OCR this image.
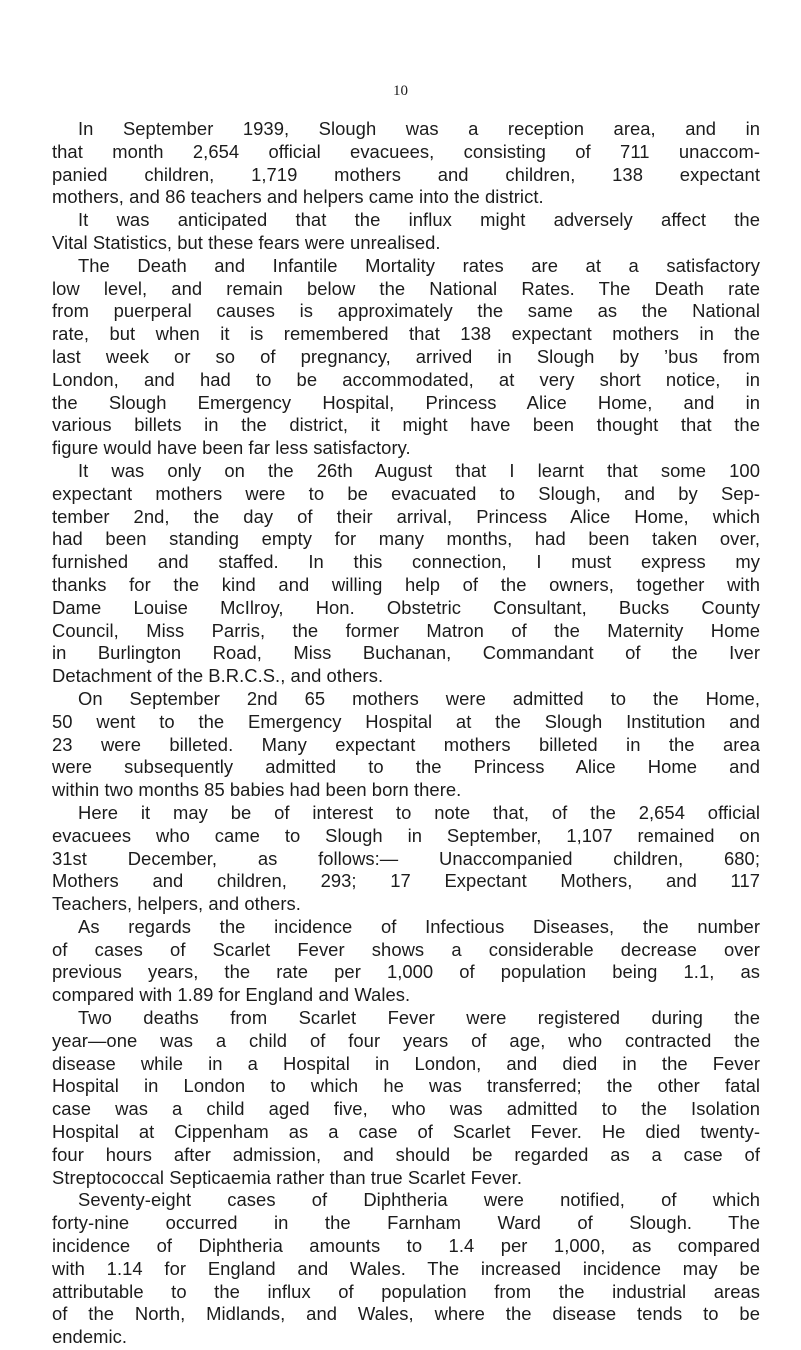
10
In September 1939, Slough was a reception area, and in
that month 2,654 official evacuees, consisting of 711 unaccom-
panied children, 1,719 mothers and children, 138 expectant
mothers, and 86 teachers and helpers came into the district.
It was anticipated that the influx might adversely affect the
Vital Statistics, but these fears were unrealised.
The Death and Infantile Mortality rates are at a satisfactory
low level, and remain below the National Rates. The Death rate
from puerperal causes is approximately the same as the National
rate, but when it is remembered that 138 expectant mothers in the
last week or so of pregnancy, arrived in Slough by ’bus from
London, and had to be accommodated, at very short notice, in
the Slough Emergency Hospital, Princess Alice Home, and in
various billets in the district, it might have been thought that the
figure would have been far less satisfactory.
It was only on the 26th August that I learnt that some 100
expectant mothers were to be evacuated to Slough, and by Sep-
tember 2nd, the day of their arrival, Princess Alice Home, which
had been standing empty for many months, had been taken over,
furnished and staffed. In this connection, I must express my
thanks for the kind and willing help of the owners, together with
Dame Louise McIlroy, Hon. Obstetric Consultant, Bucks County
Council, Miss Parris, the former Matron of the Maternity Home
in Burlington Road, Miss Buchanan, Commandant of the Iver
Detachment of the B.R.C.S., and others.
On September 2nd 65 mothers were admitted to the Home,
50 went to the Emergency Hospital at the Slough Institution and
23 were billeted. Many expectant mothers billeted in the area
were subsequently admitted to the Princess Alice Home and
within two months 85 babies had been born there.
Here it may be of interest to note that, of the 2,654 official
evacuees who came to Slough in September, 1,107 remained on
31st December, as follows:— Unaccompanied children, 680;
Mothers and children, 293; 17 Expectant Mothers, and 117
Teachers, helpers, and others.
As regards the incidence of Infectious Diseases, the number
of cases of Scarlet Fever shows a considerable decrease over
previous years, the rate per 1,000 of population being 1.1, as
compared with 1.89 for England and Wales.
Two deaths from Scarlet Fever were registered during the
year—one was a child of four years of age, who contracted the
disease while in a Hospital in London, and died in the Fever
Hospital in London to which he was transferred; the other fatal
case was a child aged five, who was admitted to the Isolation
Hospital at Cippenham as a case of Scarlet Fever. He died twenty-
four hours after admission, and should be regarded as a case of
Streptococcal Septicaemia rather than true Scarlet Fever.
Seventy-eight cases of Diphtheria were notified, of which
forty-nine occurred in the Farnham Ward of Slough. The
incidence of Diphtheria amounts to 1.4 per 1,000, as compared
with 1.14 for England and Wales. The increased incidence may be
attributable to the influx of population from the industrial areas
of the North, Midlands, and Wales, where the disease tends to be
endemic.
